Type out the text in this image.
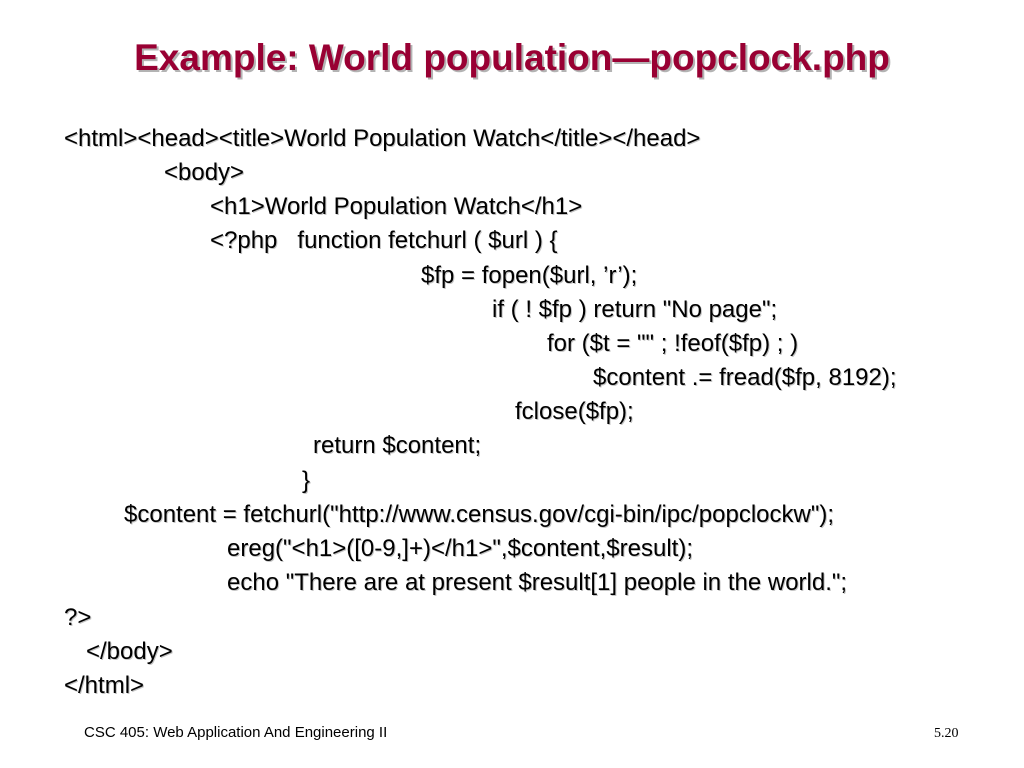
Example: World population—popclock.php
<html><head><title>World Population Watch</title></head>
<body>
<h1>World Population Watch</h1>
<?php   function fetchurl ( $url ) {
$fp = fopen($url, ’r’);
if ( ! $fp ) return "No page";
for ($t = "" ; !feof($fp) ; )
$content .= fread($fp, 8192);
fclose($fp);
return $content;
}
$content = fetchurl("http://www.census.gov/cgi-bin/ipc/popclockw");
ereg("<h1>([0-9,]+)</h1>",$content,$result);
echo "There are at present $result[1] people in the world.";
?>
</body>
</html>
CSC 405: Web Application And Engineering II	5.20
